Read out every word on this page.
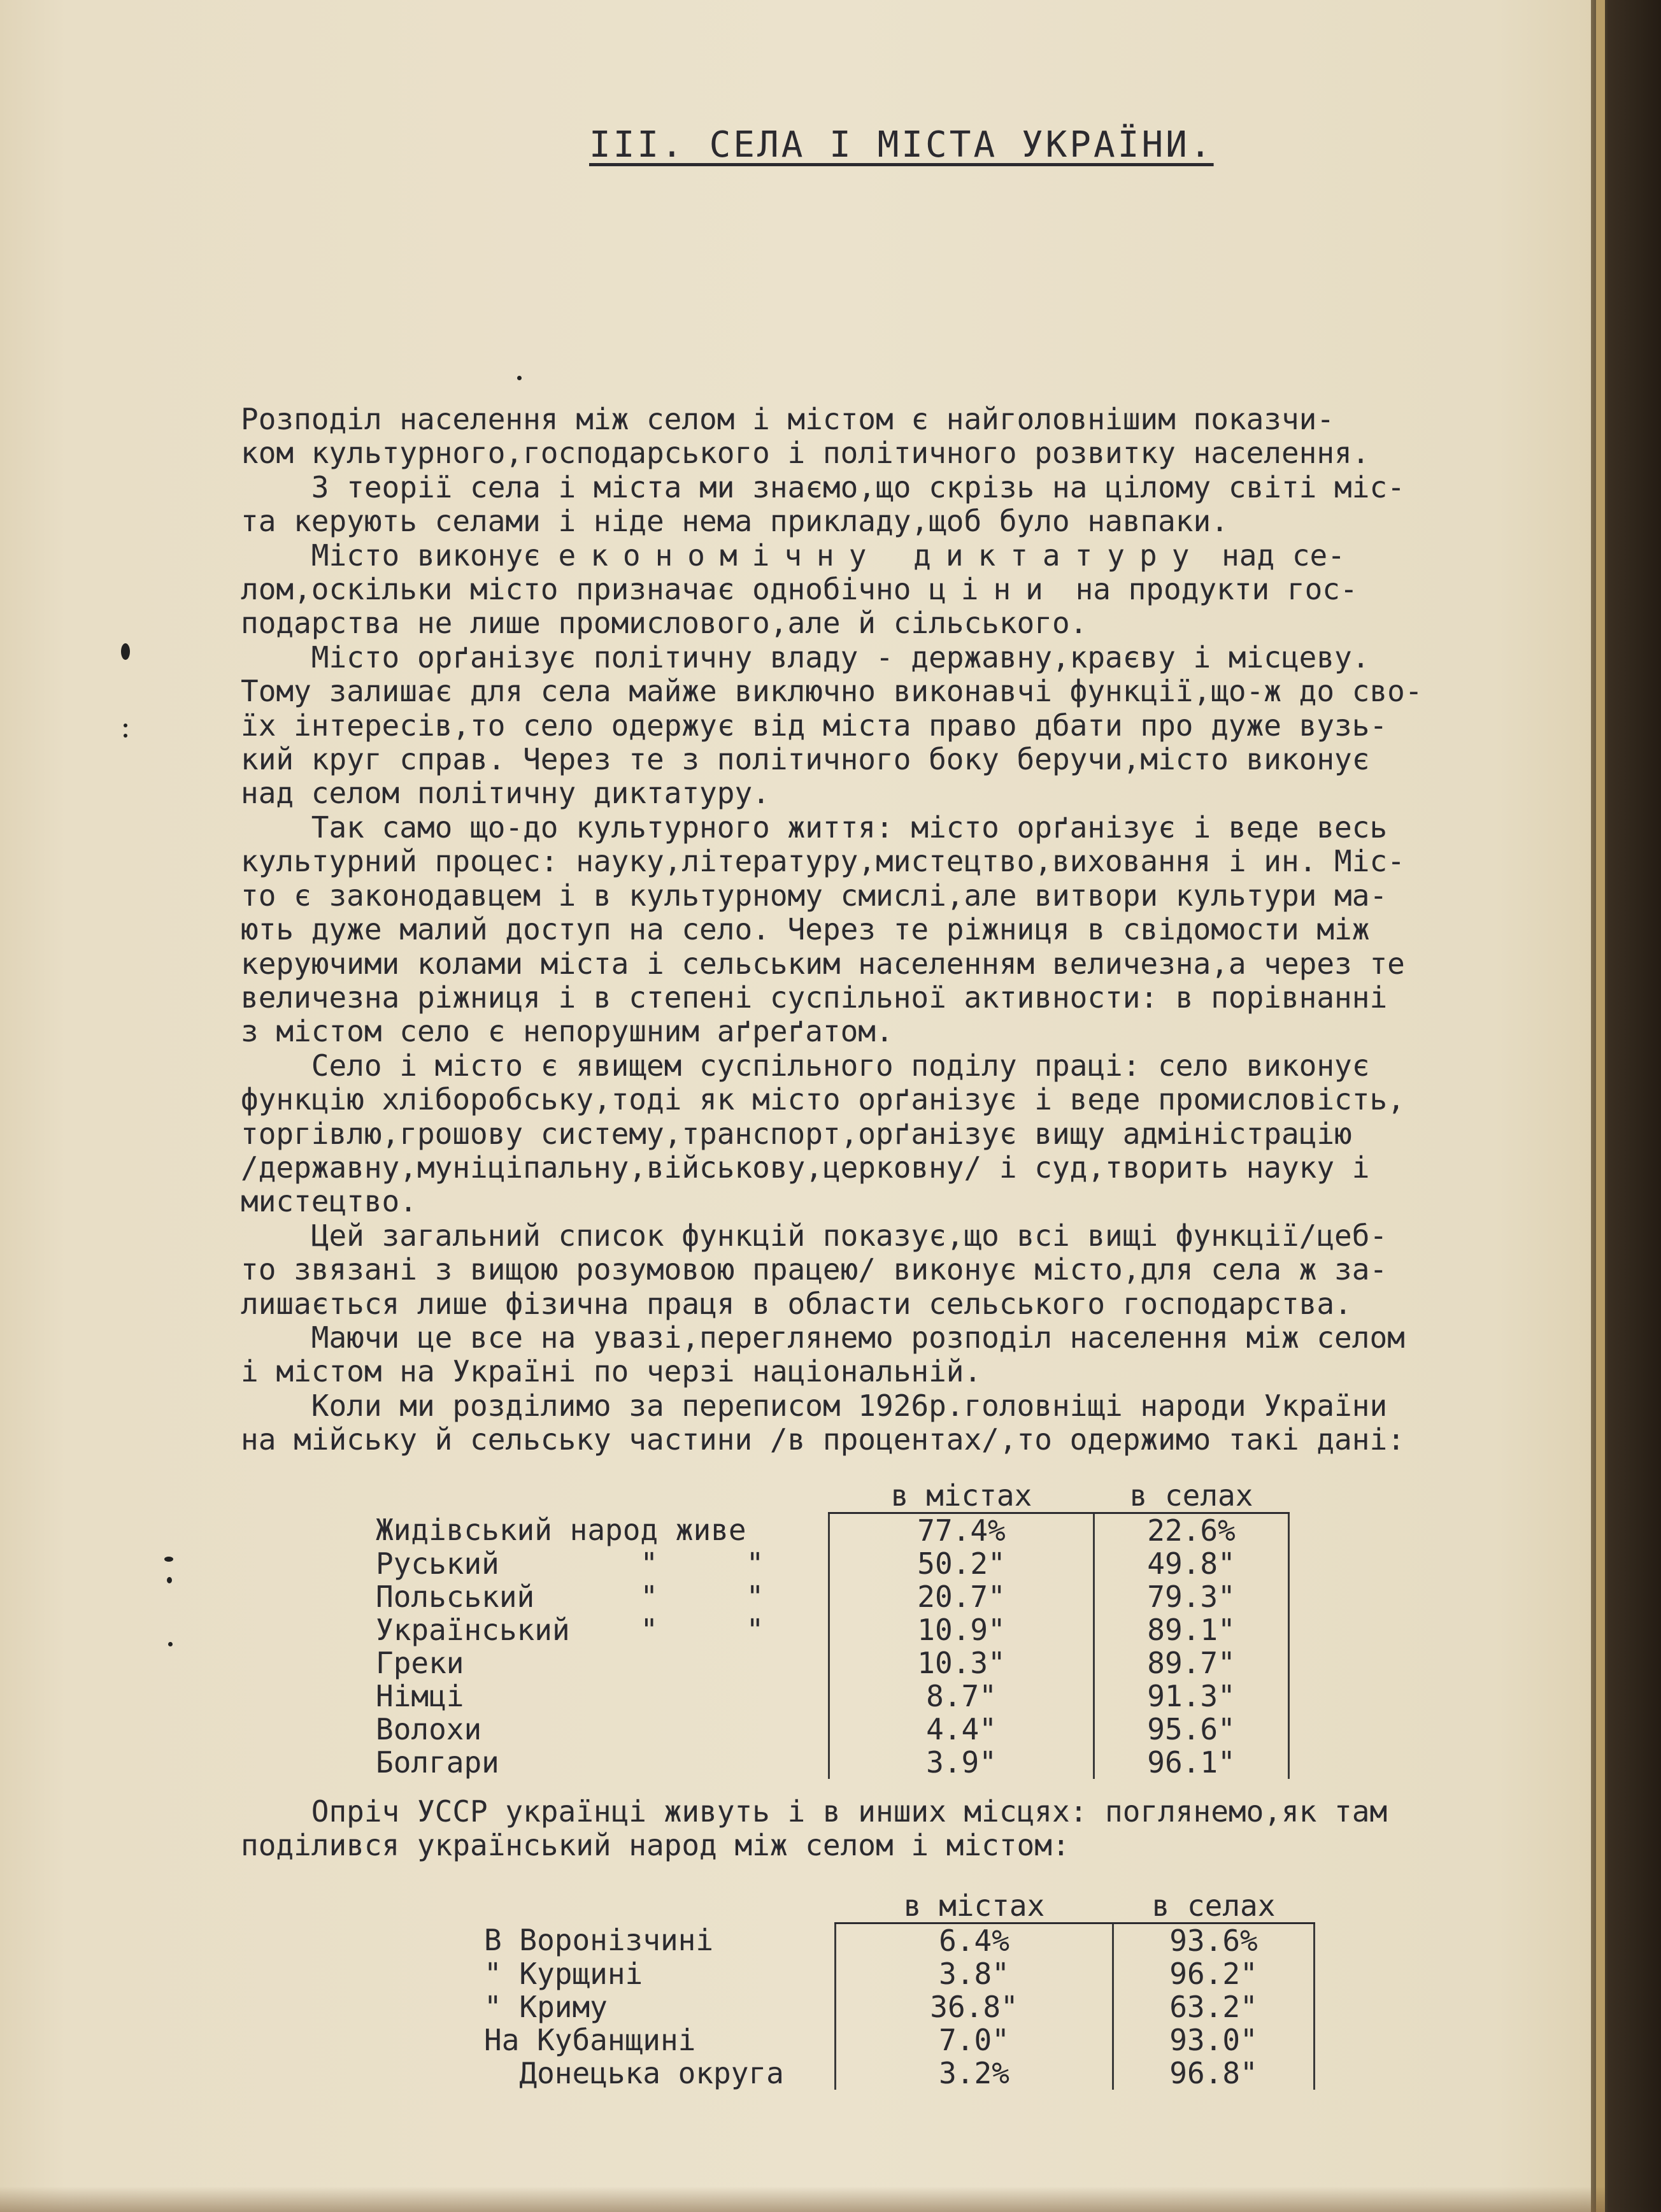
ІІІ. СЕЛА І МІСТА УКРАЇНИ.

Розподіл населення між селом і містом є найголовнішим показчи-

ком культурного,господарського і політичного розвитку населення.

З теорії села і міста ми знаємо,що скрізь на цілому світі міс-

та керують селами і ніде нема прикладу,щоб було навпаки.

Місто виконує економічну диктатуру над се-

лом,оскільки місто призначає однобічно ціни на продукти гос-

подарства не лише промислового,але й сільського.

Місто орґанізує політичну владу - державну,краєву і місцеву.

Тому залишає для села майже виключно виконавчі функції,що-ж до сво-

їх інтересів,то село одержує від міста право дбати про дуже вузь-

кий круг справ. Через те з політичного боку беручи,місто виконує

над селом політичну диктатуру.

Так само що-до культурного життя: місто орґанізує і веде весь

культурний процес: науку,літературу,мистецтво,виховання і ин. Міс-

то є законодавцем і в культурному смислі,але витвори культури ма-

ють дуже малий доступ на село. Через те ріжниця в свідомости між

керуючими колами міста і сельським населенням величезна,а через те

величезна ріжниця і в степені суспільної активности: в порівнанні

з містом село є непорушним аґреґатом.

Село і місто є явищем суспільного поділу праці: село виконує

функцію хліборобську,тоді як місто орґанізує і веде промисловість,

торгівлю,грошову систему,транспорт,орґанізує вищу адміністрацію

/державну,муніціпальну,військову,церковну/ і суд,творить науку і

мистецтво.

Цей загальний список функцій показує,що всі вищі функції/цеб-

то звязані з вищою розумовою працею/ виконує місто,для села ж за-

лишається лише фізична праця в области сельського господарства.

Маючи це все на увазі,переглянемо розподіл населення між селом

і містом на Україні по черзі національній.

Коли ми розділимо за переписом 1926р.головніщі народи України

на мійську й сельську частини /в процентах/,то одержимо такі дані:

	в містах	в селах
Жидівський народ живе	77.4%	22.6%
Руський        "     "	50.2"	49.8"
Польський      "     "	20.7"	79.3"
Український    "     "	10.9"	89.1"
Греки	10.3"	89.7"
Німці	8.7"	91.3"
Волохи	4.4"	95.6"
Болгари	3.9"	96.1"

Опріч УССР українці живуть і в инших місцях: поглянемо,як там

поділився український народ між селом і містом:

	в містах	в селах
В Воронізчині	6.4%	93.6%
" Курщині	3.8"	96.2"
" Криму	36.8"	63.2"
На Кубанщині	7.0"	93.0"
Донецька округа	3.2%	96.8"
